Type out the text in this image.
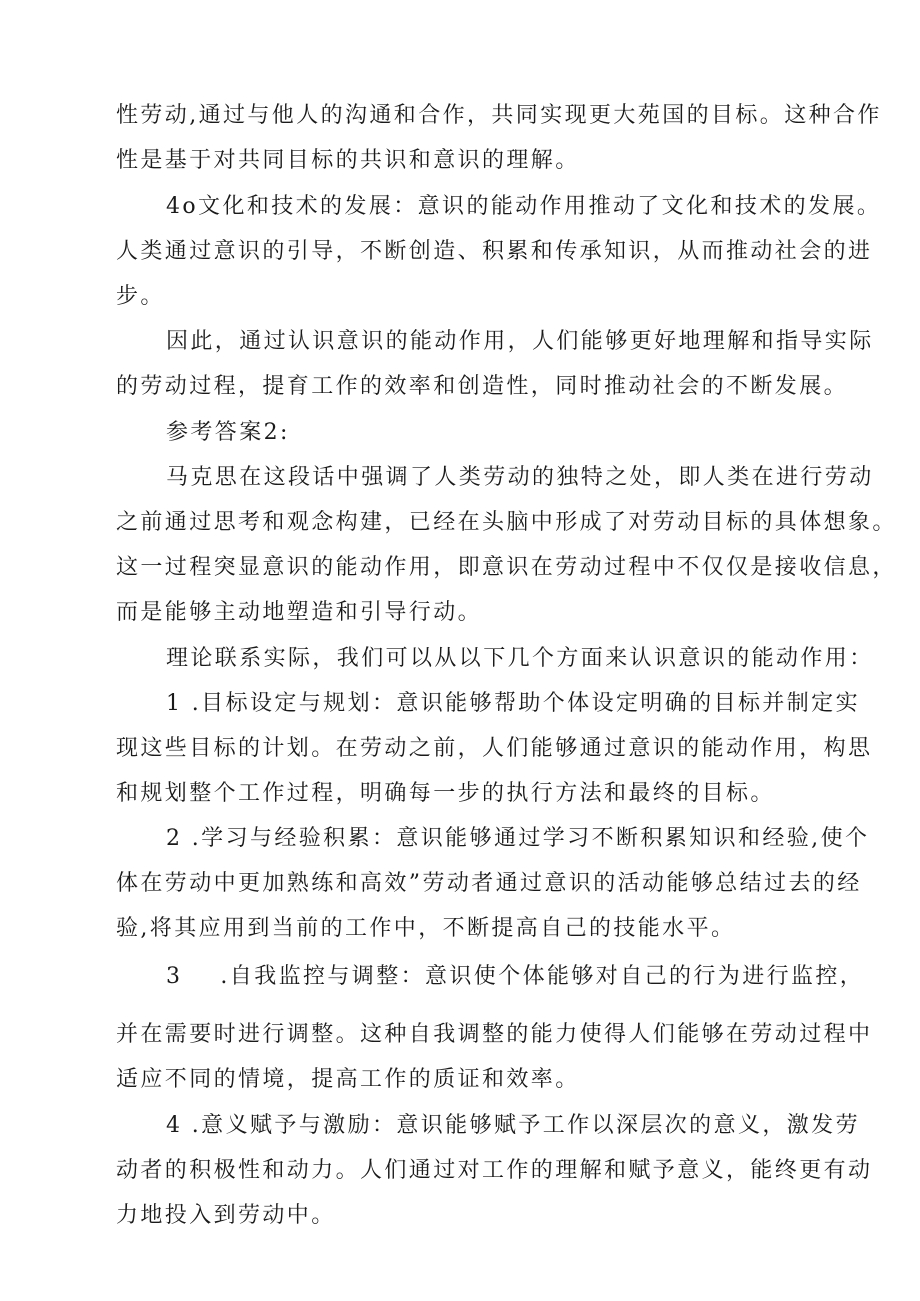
性劳动,通过与他人的沟通和合作，共同实现更大苑国的目标。这种合作
性是基于对共同目标的共识和意识的理解。
4o文化和技术的发展：意识的能动作用推动了文化和技术的发展。
人类通过意识的引导，不断创造、积累和传承知识，从而推动社会的进
步。
因此，通过认识意识的能动作用，人们能够更好地理解和指导实际
的劳动过程，提育工作的效率和创造性，同时推动社会的不断发展。
参考答案2:
马克思在这段话中强调了人类劳动的独特之处，即人类在进行劳动
之前通过思考和观念构建，已经在头脑中形成了对劳动目标的具体想象。
这一过程突显意识的能动作用，即意识在劳动过程中不仅仅是接收信息，
而是能够主动地塑造和引导行动。
理论联系实际，我们可以从以下几个方面来认识意识的能动作用：
1 .目标设定与规划：意识能够帮助个体设定明确的目标并制定实
现这些目标的计划。在劳动之前，人们能够通过意识的能动作用，构思
和规划整个工作过程，明确每一步的执行方法和最终的目标。
2 .学习与经验积累：意识能够通过学习不断积累知识和经验,使个
体在劳动中更加熟练和高效”劳动者通过意识的活动能够总结过去的经
验,将其应用到当前的工作中，不断提高自己的技能水平。
3 .自我监控与调整：意识使个体能够对自己的行为进行监控，
并在需要时进行调整。这种自我调整的能力使得人们能够在劳动过程中
适应不同的情境，提高工作的质证和效率。
4 .意义赋予与激励：意识能够赋予工作以深层次的意义，激发劳
动者的积极性和动力。人们通过对工作的理解和赋予意义，能终更有动
力地投入到劳动中。
